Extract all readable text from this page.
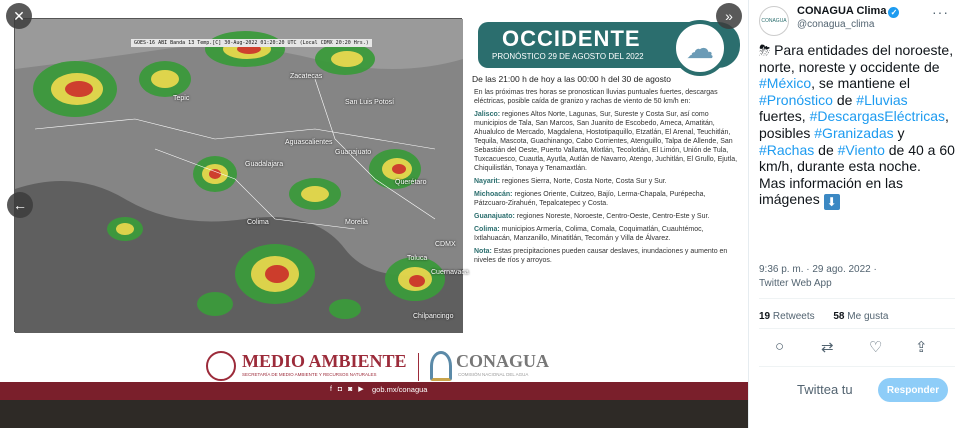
GOES-16 ABI Banda 13 Temp.[C] 30-Aug-2022 01:20:20 UTC (Local CDMX 20:20 Hrs.)
Tepic
Aguascalientes
San Luis Potosí
Zacatecas
Guadalajara
Guanajuato
Querétaro
Colima	Morelia
CDMX
Toluca
Cuernavaca
Chilpancingo
OCCIDENTE
PRONÓSTICO 29 DE AGOSTO DEL 2022	☁
De las 21:00 h de hoy a las 00:00 h del 30 de agosto

En las próximas tres horas se pronostican lluvias puntuales fuertes, descargas eléctricas, posible caída de granizo y rachas de viento de 50 km/h en:

Jalisco: regiones Altos Norte, Lagunas, Sur, Sureste y Costa Sur, así como municipios de Tala, San Marcos, San Juanito de Escobedo, Ameca, Amatitán, Ahualulco de Mercado, Magdalena, Hostotipaquillo, Etzatlán, El Arenal, Teuchitlán, Tequila, Mascota, Guachinango, Cabo Corrientes, Atenguillo, Talpa de Allende, San Sebastián del Oeste, Puerto Vallarta, Mixtlán, Tecolotlán, El Limón, Unión de Tula, Tuxcacuesco, Cuautla, Ayutla, Autlán de Navarro, Atengo, Juchitlán, El Grullo, Ejutla, Chiquilistlán, Tonaya y Tenamaxtlán.

Nayarit: regiones Sierra, Norte, Costa Norte, Costa Sur y Sur.

Michoacán: regiones Oriente, Cuitzeo, Bajío, Lerma-Chapala, Purépecha, Pátzcuaro-Zirahuén, Tepalcatepec y Costa.

Guanajuato: regiones Noreste, Noroeste, Centro-Oeste, Centro-Este y Sur.

Colima: municipios Armería, Colima, Comala, Coquimatlán, Cuauhtémoc, Ixtlahuacán, Manzanillo, Minatitlán, Tecomán y Villa de Álvarez.

Nota: Estas precipitaciones pueden causar deslaves, inundaciones y aumento en niveles de ríos y arroyos.

MEDIO AMBIENTE
SECRETARÍA DE MEDIO AMBIENTE Y RECURSOS NATURALES
CONAGUA
COMISIÓN NACIONAL DEL AGUA
f ◘ ◙ ▶ gob.mx/conagua
✕
←
»	CONAGUA
CONAGUA Clima ✓
@conagua_clima
···
⛈ Para entidades del noroeste, norte, noreste y occidente de #México, se mantiene el #Pronóstico de #Lluvias fuertes, #DescargasEléctricas, posibles #Granizadas y #Rachas de #Viento de 40 a 60 km/h, durante esta noche.
Mas información en las imágenes ⬇
9:36 p. m. · 29 ago. 2022 ·
Twitter Web App
19 Retweets 58 Me gusta
○ ⇄ ♡ ⇪
Twittea tu	Responder
